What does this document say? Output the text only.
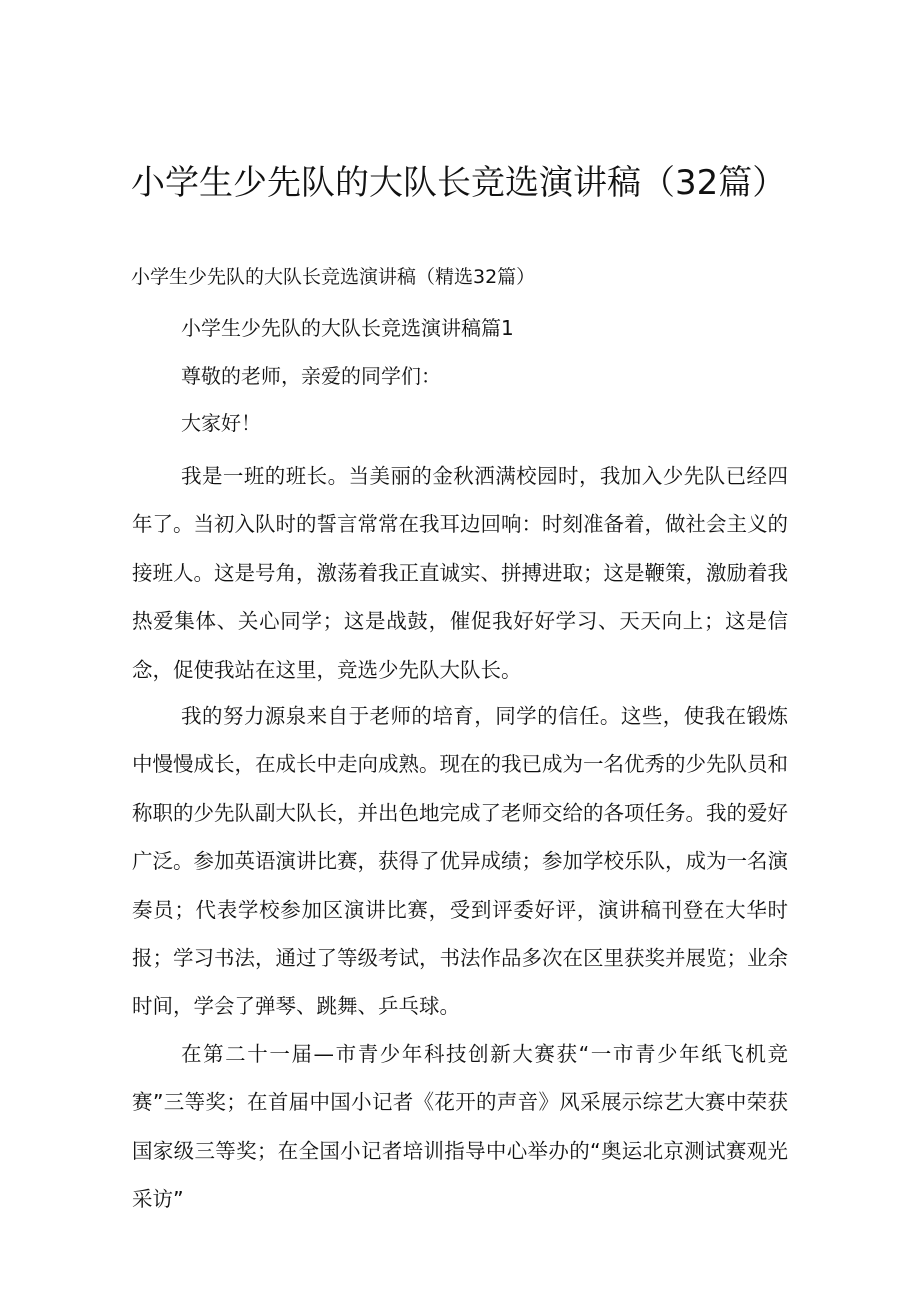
小学生少先队的大队长竞选演讲稿（32篇）
小学生少先队的大队长竞选演讲稿（精选32篇）
小学生少先队的大队长竞选演讲稿篇1
尊敬的老师，亲爱的同学们：
大家好！
我是一班的班长。当美丽的金秋洒满校园时，我加入少先队已经四年了。当初入队时的誓言常常在我耳边回响：时刻准备着，做社会主义的接班人。这是号角，激荡着我正直诚实、拼搏进取；这是鞭策，激励着我热爱集体、关心同学；这是战鼓，催促我好好学习、天天向上；这是信念，促使我站在这里，竞选少先队大队长。
我的努力源泉来自于老师的培育，同学的信任。这些，使我在锻炼中慢慢成长，在成长中走向成熟。现在的我已成为一名优秀的少先队员和称职的少先队副大队长，并出色地完成了老师交给的各项任务。我的爱好广泛。参加英语演讲比赛，获得了优异成绩；参加学校乐队，成为一名演奏员；代表学校参加区演讲比赛，受到评委好评，演讲稿刊登在大华时报；学习书法，通过了等级考试，书法作品多次在区里获奖并展览；业余时间，学会了弹琴、跳舞、乒乓球。
在第二十一届—市青少年科技创新大赛获“一市青少年纸飞机竞赛”三等奖；在首届中国小记者《花开的声音》风采展示综艺大赛中荣获国家级三等奖；在全国小记者培训指导中心举办的“奥运北京测试赛观光采访”
